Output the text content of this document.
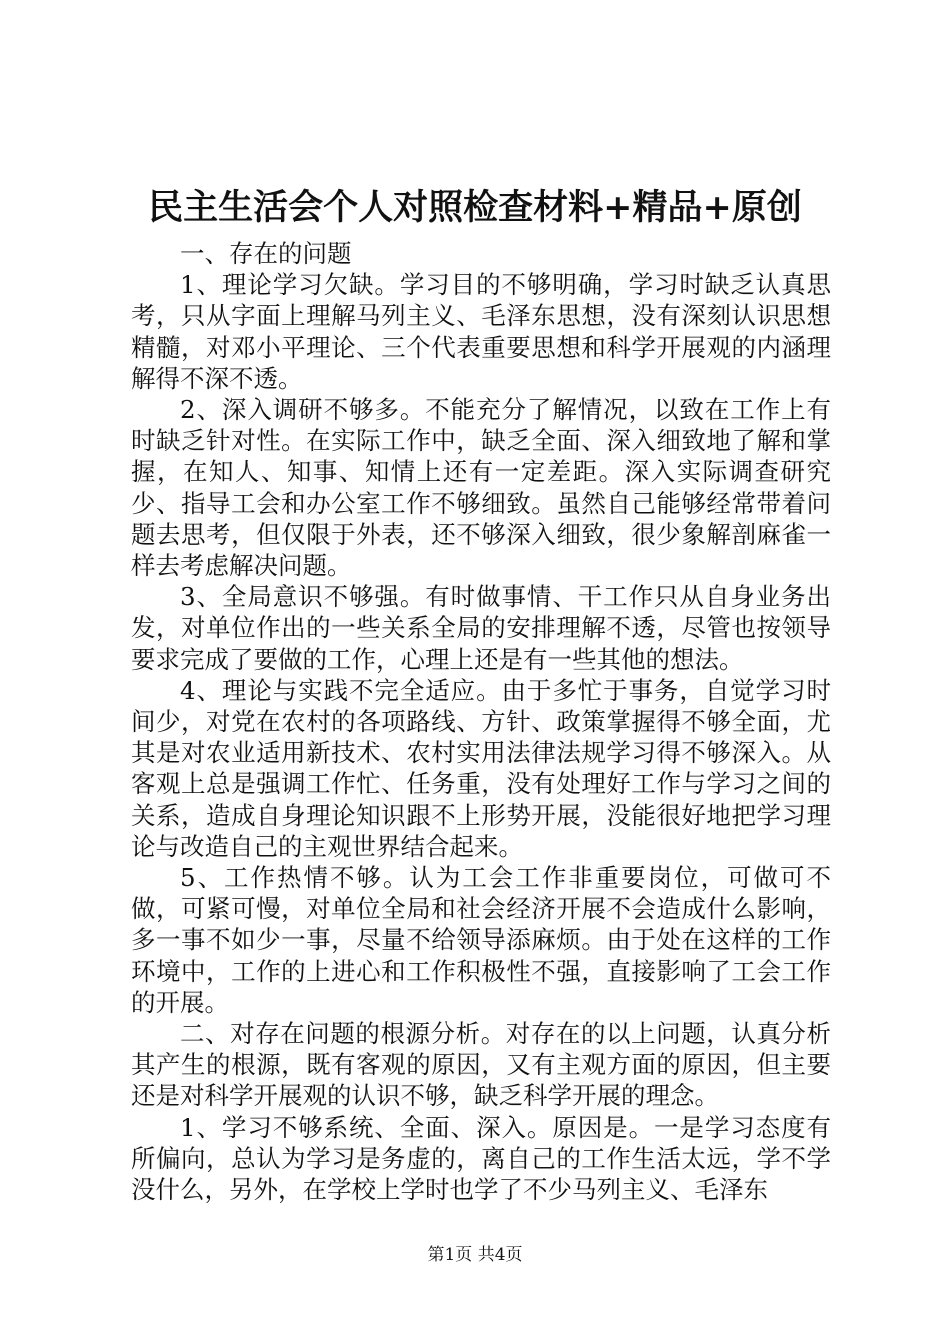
民主生活会个人对照检查材料+精品+原创

一、存在的问题

1、理论学习欠缺。学习目的不够明确，学习时缺乏认真思考，只从字面上理解马列主义、毛泽东思想，没有深刻认识思想精髓，对邓小平理论、三个代表重要思想和科学开展观的内涵理解得不深不透。

2、深入调研不够多。不能充分了解情况，以致在工作上有时缺乏针对性。在实际工作中，缺乏全面、深入细致地了解和掌握，在知人、知事、知情上还有一定差距。深入实际调查研究少、指导工会和办公室工作不够细致。虽然自己能够经常带着问题去思考，但仅限于外表，还不够深入细致，很少象解剖麻雀一样去考虑解决问题。

3、全局意识不够强。有时做事情、干工作只从自身业务出发，对单位作出的一些关系全局的安排理解不透，尽管也按领导要求完成了要做的工作，心理上还是有一些其他的想法。

4、理论与实践不完全适应。由于多忙于事务，自觉学习时间少，对党在农村的各项路线、方针、政策掌握得不够全面，尤其是对农业适用新技术、农村实用法律法规学习得不够深入。从客观上总是强调工作忙、任务重，没有处理好工作与学习之间的关系，造成自身理论知识跟不上形势开展，没能很好地把学习理论与改造自己的主观世界结合起来。

5、工作热情不够。认为工会工作非重要岗位，可做可不做，可紧可慢，对单位全局和社会经济开展不会造成什么影响，多一事不如少一事，尽量不给领导添麻烦。由于处在这样的工作环境中，工作的上进心和工作积极性不强，直接影响了工会工作的开展。

二、对存在问题的根源分析。对存在的以上问题，认真分析其产生的根源，既有客观的原因，又有主观方面的原因，但主要还是对科学开展观的认识不够，缺乏科学开展的理念。

1、学习不够系统、全面、深入。原因是。一是学习态度有所偏向，总认为学习是务虚的，离自己的工作生活太远，学不学没什么，另外，在学校上学时也学了不少马列主义、毛泽东

第1页 共4页
